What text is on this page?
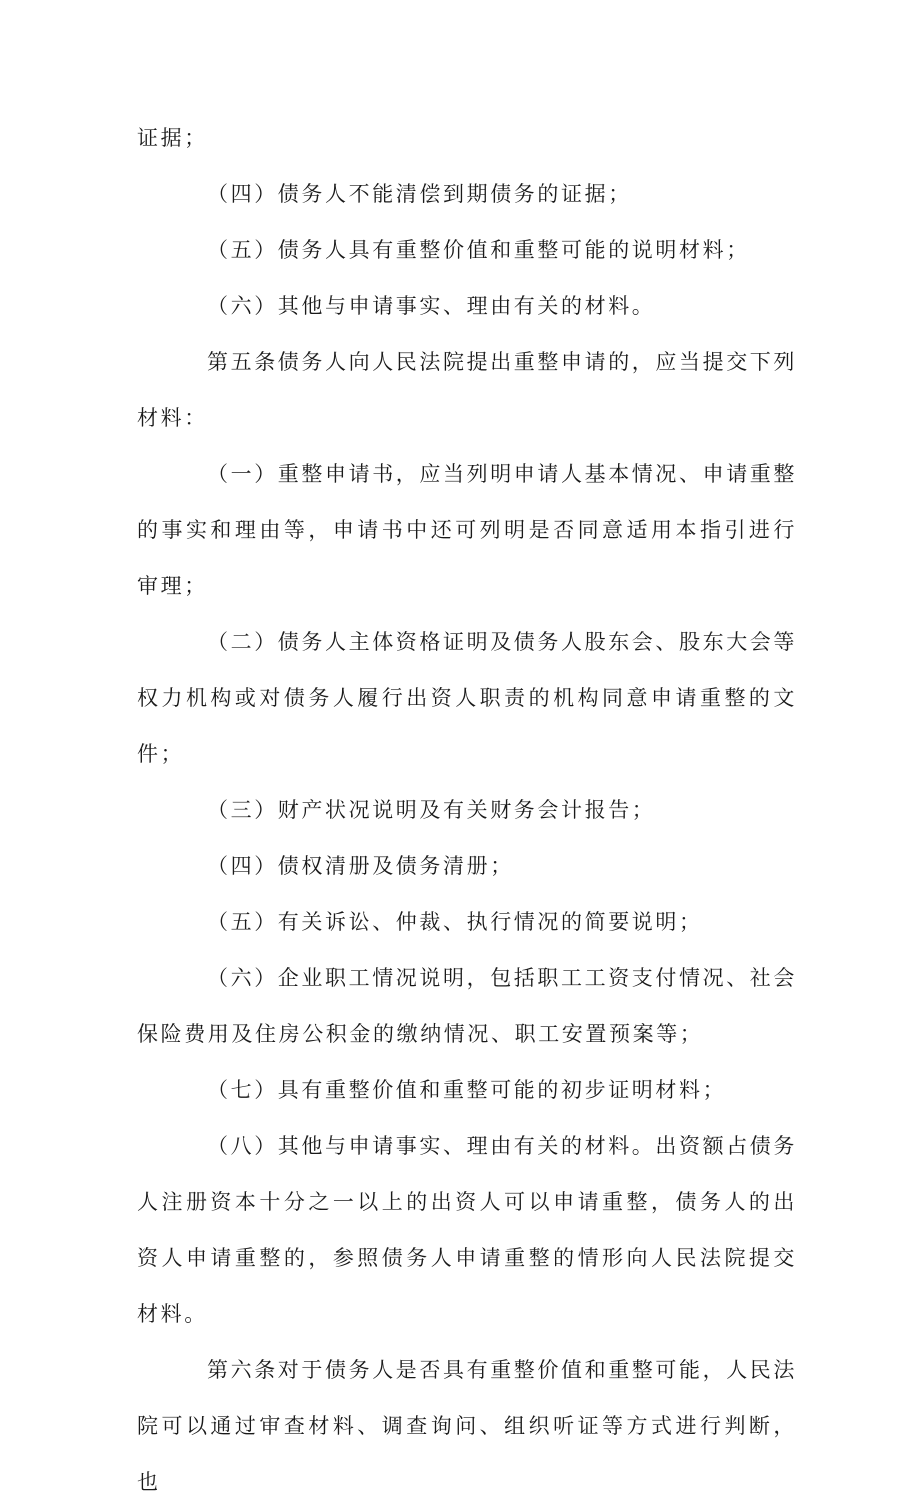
证据；

（四）债务人不能清偿到期债务的证据；

（五）债务人具有重整价值和重整可能的说明材料；

（六）其他与申请事实、理由有关的材料。

第五条债务人向人民法院提出重整申请的，应当提交下列材料：

（一）重整申请书，应当列明申请人基本情况、申请重整的事实和理由等，申请书中还可列明是否同意适用本指引进行审理；

（二）债务人主体资格证明及债务人股东会、股东大会等权力机构或对债务人履行出资人职责的机构同意申请重整的文件；

（三）财产状况说明及有关财务会计报告；

（四）债权清册及债务清册；

（五）有关诉讼、仲裁、执行情况的简要说明；

（六）企业职工情况说明，包括职工工资支付情况、社会保险费用及住房公积金的缴纳情况、职工安置预案等；

（七）具有重整价值和重整可能的初步证明材料；

（八）其他与申请事实、理由有关的材料。出资额占债务人注册资本十分之一以上的出资人可以申请重整，债务人的出资人申请重整的，参照债务人申请重整的情形向人民法院提交材料。

第六条对于债务人是否具有重整价值和重整可能，人民法院可以通过审查材料、调查询问、组织听证等方式进行判断，也
